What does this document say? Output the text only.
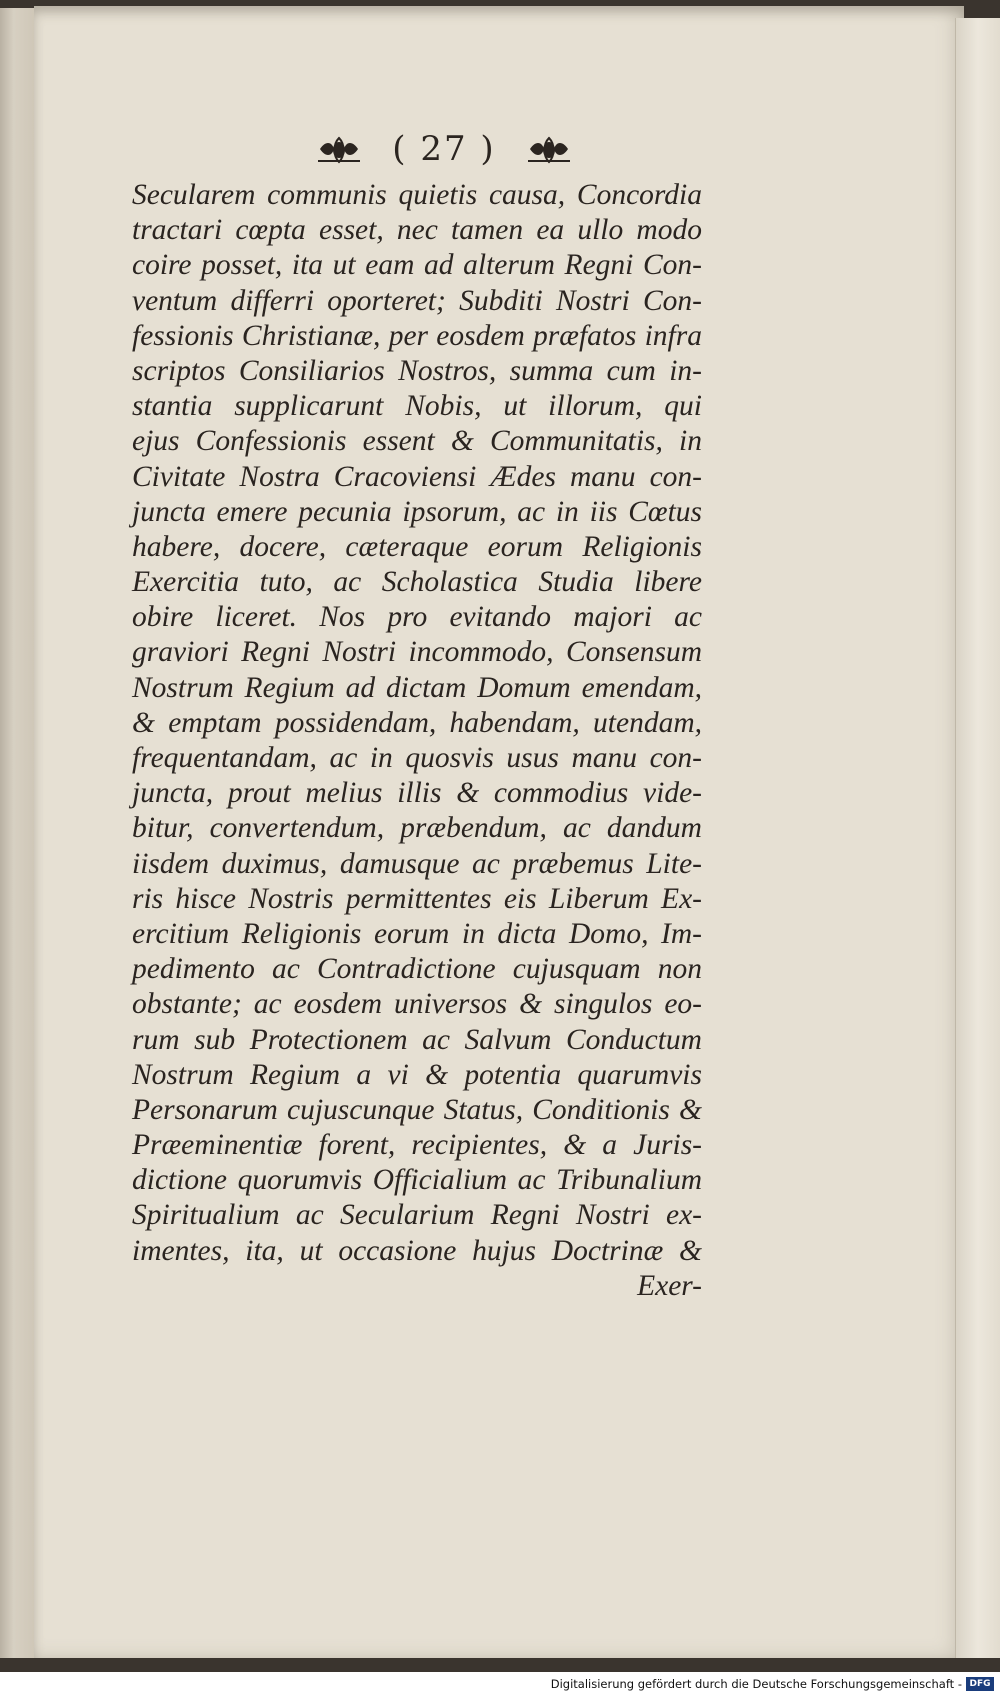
( 27 )
Secularem communis quietis causa, Concordia
tractari cœpta esset, nec tamen ea ullo modo
coire posset, ita ut eam ad alterum Regni Con-
ventum differri oporteret; Subditi Nostri Con-
fessionis Christianæ, per eosdem præfatos infra
scriptos Consiliarios Nostros, summa cum in-
stantia supplicarunt Nobis, ut illorum, qui
ejus Confessionis essent & Communitatis, in
Civitate Nostra Cracoviensi Ædes manu con-
juncta emere pecunia ipsorum, ac in iis Cœtus
habere, docere, cæteraque eorum Religionis
Exercitia tuto, ac Scholastica Studia libere
obire liceret. Nos pro evitando majori ac
graviori Regni Nostri incommodo, Consensum
Nostrum Regium ad dictam Domum emendam,
& emptam possidendam, habendam, utendam,
frequentandam, ac in quosvis usus manu con-
juncta, prout melius illis & commodius vide-
bitur, convertendum, præbendum, ac dandum
iisdem duximus, damusque ac præbemus Lite-
ris hisce Nostris permittentes eis Liberum Ex-
ercitium Religionis eorum in dicta Domo, Im-
pedimento ac Contradictione cujusquam non
obstante; ac eosdem universos & singulos eo-
rum sub Protectionem ac Salvum Conductum
Nostrum Regium a vi & potentia quarumvis
Personarum cujuscunque Status, Conditionis &
Præeminentiæ forent, recipientes, & a Juris-
dictione quorumvis Officialium ac Tribunalium
Spiritualium ac Secularium Regni Nostri ex-
imentes, ita, ut occasione hujus Doctrinæ &
Exer-
Digitalisierung gefördert durch die Deutsche Forschungsgemeinschaft - DFG
